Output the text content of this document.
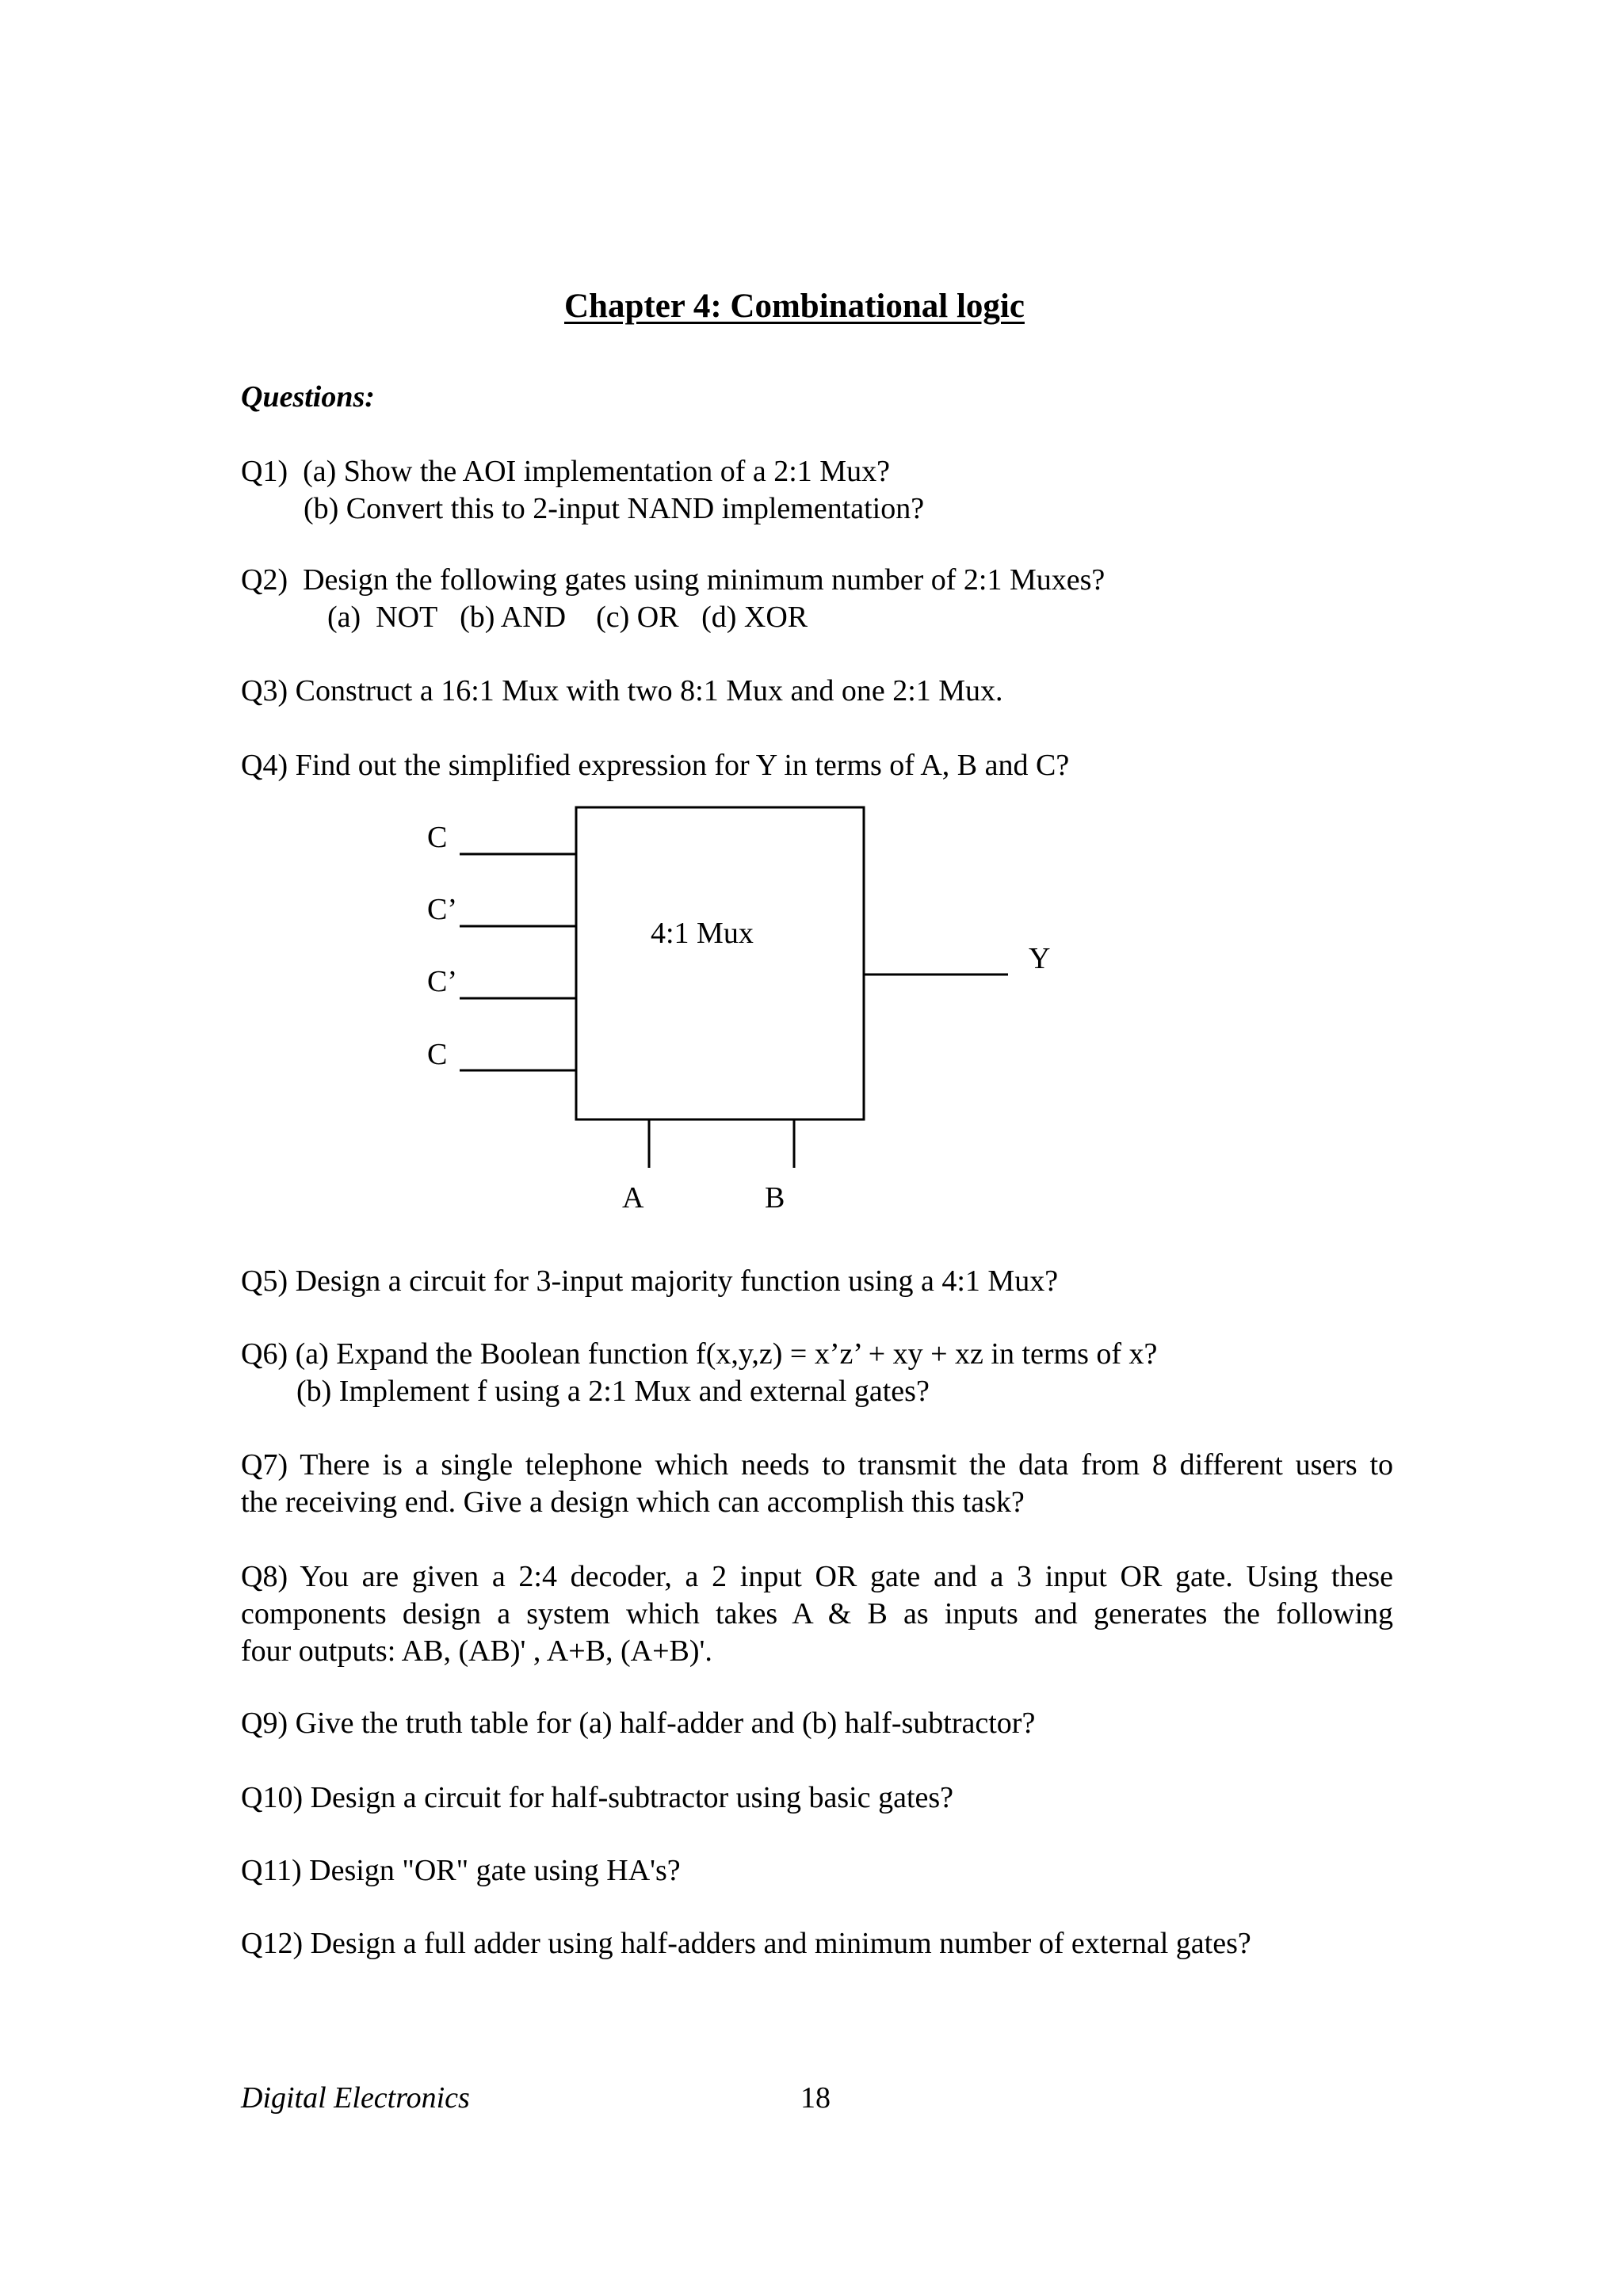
Chapter 4: Combinational logic
Questions:
Q1)  (a) Show the AOI implementation of a 2:1 Mux?
(b) Convert this to 2-input NAND implementation?
Q2)  Design the following gates using minimum number of 2:1 Muxes?
(a)  NOT   (b) AND    (c) OR   (d) XOR
Q3) Construct a 16:1 Mux with two 8:1 Mux and one 2:1 Mux.
Q4) Find out the simplified expression for Y in terms of A, B and C?
C
C’
C’
C
4:1 Mux
Y
A	B
Q5) Design a circuit for 3-input majority function using a 4:1 Mux?
Q6) (a) Expand the Boolean function f(x,y,z) = x’z’ + xy + xz in terms of x?
(b) Implement f using a 2:1 Mux and external gates?
Q7) There is a single telephone which needs to transmit the data from 8 different users to
the receiving end. Give a design which can accomplish this task?
Q8) You are given a 2:4 decoder, a 2 input OR gate and a 3 input OR gate. Using these
components design a system which takes A & B as inputs and generates the following
four outputs: AB, (AB)' , A+B, (A+B)'.
Q9) Give the truth table for (a) half-adder and (b) half-subtractor?
Q10) Design a circuit for half-subtractor using basic gates?
Q11) Design "OR" gate using HA's?
Q12) Design a full adder using half-adders and minimum number of external gates?
Digital Electronics	18
